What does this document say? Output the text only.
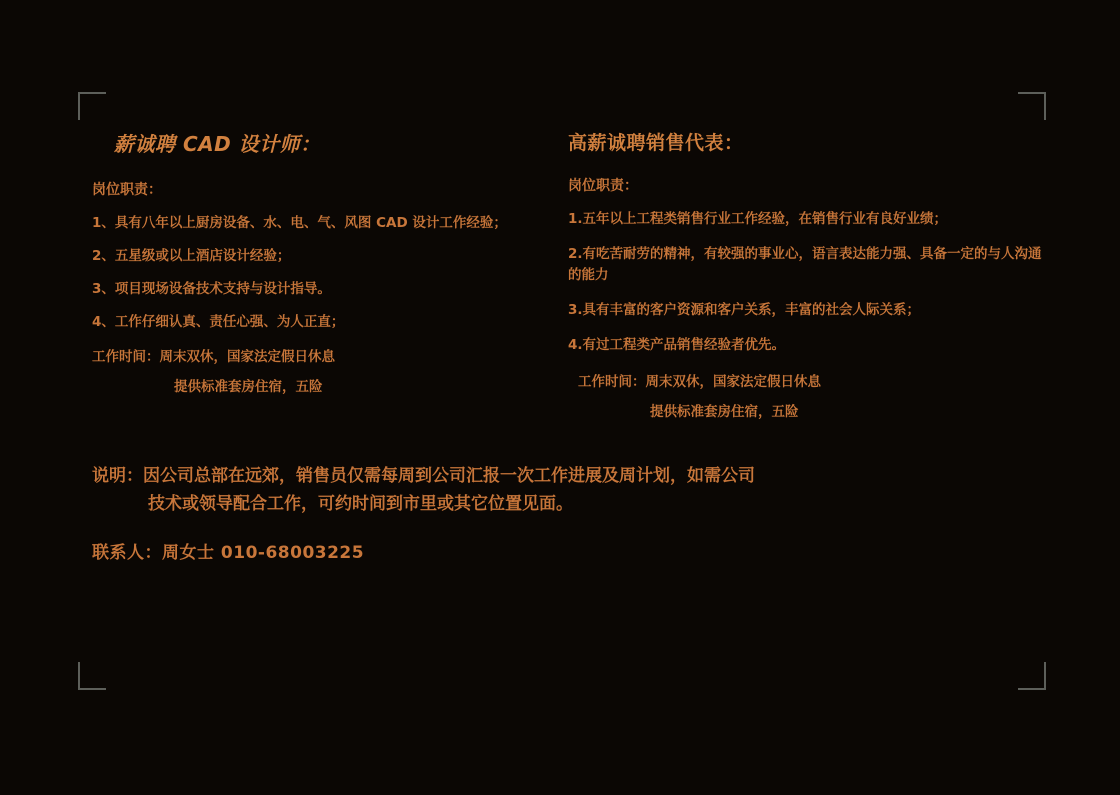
薪诚聘 CAD 设计师：
岗位职责：
1、具有八年以上厨房设备、水、电、气、风图 CAD 设计工作经验；
2、五星级或以上酒店设计经验；
3、项目现场设备技术支持与设计指导。
4、工作仔细认真、责任心强、为人正直；
工作时间：周末双休，国家法定假日休息
提供标准套房住宿，五险
高薪诚聘销售代表：
岗位职责：
1.五年以上工程类销售行业工作经验，在销售行业有良好业绩；
2.有吃苦耐劳的精神，有较强的事业心，语言表达能力强、具备一定的与人沟通的能力
3.具有丰富的客户资源和客户关系，丰富的社会人际关系；
4.有过工程类产品销售经验者优先。
工作时间：周末双休，国家法定假日休息
提供标准套房住宿，五险
说明：因公司总部在远郊，销售员仅需每周到公司汇报一次工作进展及周计划，如需公司
技术或领导配合工作，可约时间到市里或其它位置见面。
联系人：周女士 010-68003225
